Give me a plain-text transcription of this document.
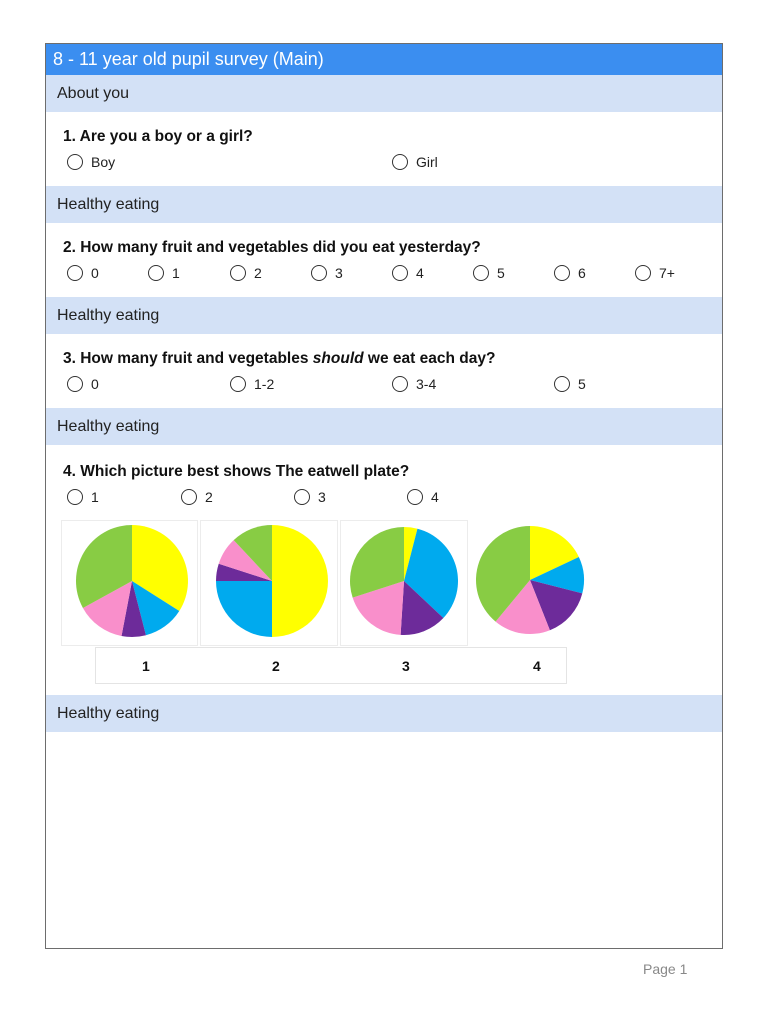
8 - 11 year old pupil survey (Main)
About you
1. Are you a boy or a girl?
Boy	Girl
Healthy eating
2. How many fruit and vegetables did you eat yesterday?
0	1	2	3	4	5	6	7+
Healthy eating
3. How many fruit and vegetables should we eat each day?
0	1-2	3-4	5
Healthy eating
4. Which picture best shows The eatwell plate?
1	2	3	4
1	2	3	4
Healthy eating
Page 1
